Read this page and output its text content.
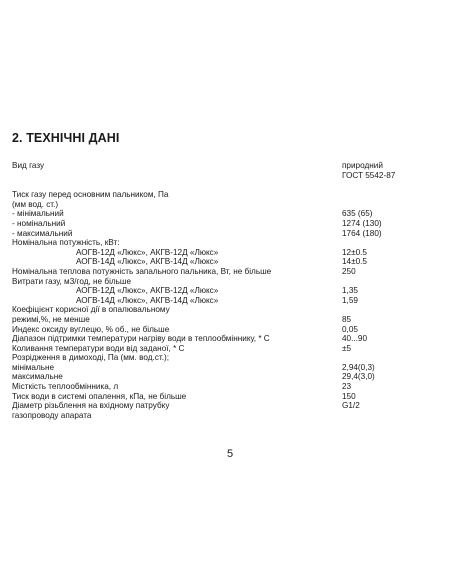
2. ТЕХНІЧНІ ДАНІ
Вид газу	природний
ГОСТ 5542-87
Тиск газу перед основним пальником, Па
(мм вод. ст.)
- мінімальний	635 (65)
- номінальний	1274 (130)
- максимальний	1764 (180)
Номінальна потужність, кВт:
АОГВ-12Д «Люкс», АКГВ-12Д «Люкс»	12±0.5
АОГВ-14Д «Люкс», АКГВ-14Д «Люкс»	14±0.5
Номінальна теплова потужність запального пальника, Вт, не більше	250
Витрати газу, м3/год, не більше
АОГВ-12Д «Люкс», АКГВ-12Д «Люкс»	1,35
АОГВ-14Д «Люкс», АКГВ-14Д «Люкс»	1,59
Коефіцієнт корисної дії в опалювальному
режимі,%, не менше	85
Индекс оксиду вуглецю, % об., не більше	0,05
Діапазон підтримки температури нагріву води в теплообміннику, * С	40...90
Коливання температури води від заданої, * С	±5
Розрідження в димоході, Па (мм. вод.ст.);
мінімальне	2,94(0,3)
максимальне	29,4(3,0)
Місткість теплообмінника, л	23
Тиск води в системі опалення, кПа, не більше	150
Діаметр різьблення на вхідному патрубку	G1/2
газопроводу апарата
5
